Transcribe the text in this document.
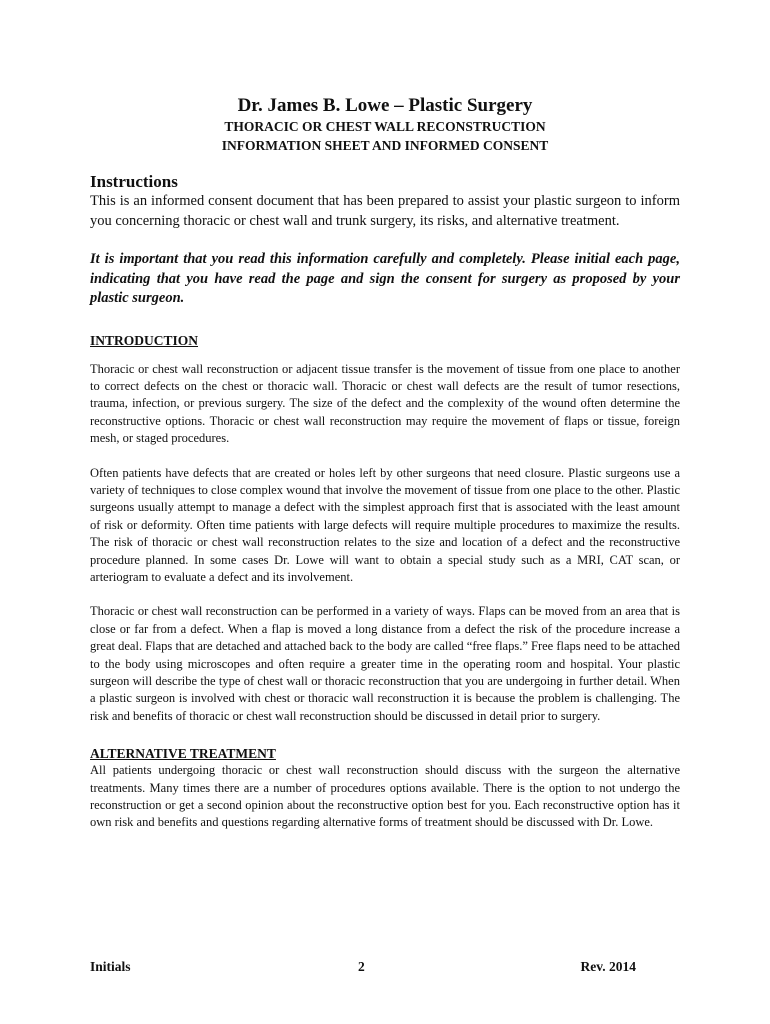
Dr. James B. Lowe – Plastic Surgery

THORACIC OR CHEST WALL RECONSTRUCTION

INFORMATION SHEET AND INFORMED CONSENT

Instructions

This is an informed consent document that has been prepared to assist your plastic surgeon to inform you concerning thoracic or chest wall and trunk surgery, its risks, and alternative treatment.

It is important that you read this information carefully and completely. Please initial each page, indicating that you have read the page and sign the consent for surgery as proposed by your plastic surgeon.

INTRODUCTION

Thoracic or chest wall reconstruction or adjacent tissue transfer is the movement of tissue from one place to another to correct defects on the chest or thoracic wall. Thoracic or chest wall defects are the result of tumor resections, trauma, infection, or previous surgery. The size of the defect and the complexity of the wound often determine the reconstructive options. Thoracic or chest wall reconstruction may require the movement of flaps or tissue, foreign mesh, or staged procedures.

Often patients have defects that are created or holes left by other surgeons that need closure. Plastic surgeons use a variety of techniques to close complex wound that involve the movement of tissue from one place to the other. Plastic surgeons usually attempt to manage a defect with the simplest approach first that is associated with the least amount of risk or deformity. Often time patients with large defects will require multiple procedures to maximize the results. The risk of thoracic or chest wall reconstruction relates to the size and location of a defect and the reconstructive procedure planned. In some cases Dr. Lowe will want to obtain a special study such as a MRI, CAT scan, or arteriogram to evaluate a defect and its involvement.

Thoracic or chest wall reconstruction can be performed in a variety of ways. Flaps can be moved from an area that is close or far from a defect. When a flap is moved a long distance from a defect the risk of the procedure increase a great deal. Flaps that are detached and attached back to the body are called “free flaps.” Free flaps need to be attached to the body using microscopes and often require a greater time in the operating room and hospital. Your plastic surgeon will describe the type of chest wall or thoracic reconstruction that you are undergoing in further detail. When a plastic surgeon is involved with chest or thoracic wall reconstruction it is because the problem is challenging. The risk and benefits of thoracic or chest wall reconstruction should be discussed in detail prior to surgery.

ALTERNATIVE TREATMENT

All patients undergoing thoracic or chest wall reconstruction should discuss with the surgeon the alternative treatments. Many times there are a number of procedures options available. There is the option to not undergo the reconstruction or get a second opinion about the reconstructive option best for you. Each reconstructive option has it own risk and benefits and questions regarding alternative forms of treatment should be discussed with Dr. Lowe.

Initials	2	Rev. 2014
